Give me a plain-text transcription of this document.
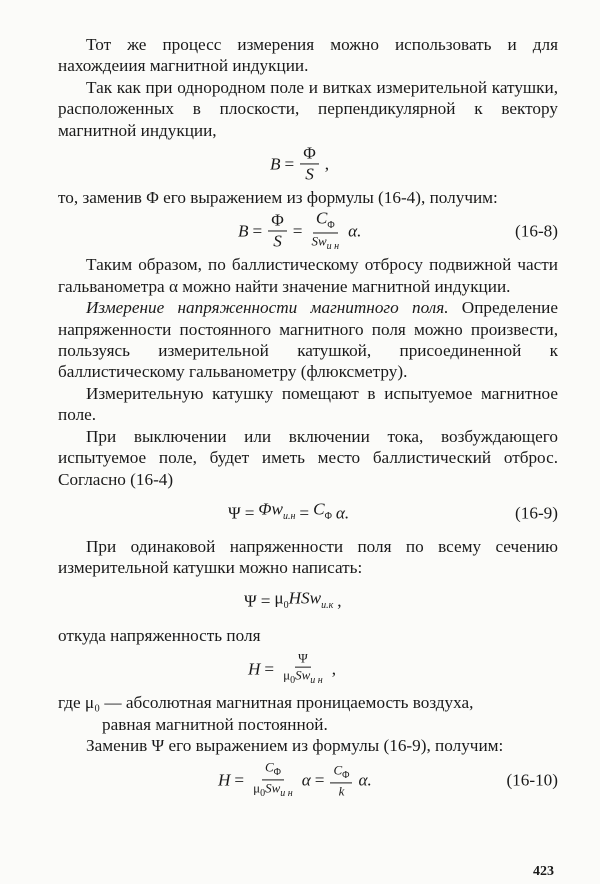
Тот же процесс измерения можно использовать и для нахождеиия магнитной индукции.

Так как при однородном поле и витках измерительной катушки, расположенных в плоскости, перпендикулярной к вектору магнитной индукции,

$B = \frac{\Phi}{S}$ ,

то, заменив Φ его выражением из формулы (16-4), получим:

$B = \frac{\Phi}{S} = \frac{C_\Phi}{Sw_{и н}} \alpha$.	(16-8)

Таким образом, по баллистическому отбросу подвижной части гальванометра α можно найти значение магнитной индукции.

Измерение напряженности магнитного поля. Определение напряженности постоянного магнитного поля можно произвести, пользуясь измерительной катушкой, присоединенной к баллистическому гальванометру (флюксметру).

Измерительную катушку помещают в испытуемое магнитное поле.

При выключении или включении тока, возбуждающего испытуемое поле, будет иметь место баллистический отброс. Согласно (16-4)

$\Psi = \Phi w_{и.н} = C_\Phi$ α.	(16-9)

При одинаковой напряженности поля по всему сечению измерительной катушки можно написать:

$\Psi = \mu_0HSw_{и.к}$ ,

откуда напряженность поля

$H = \frac{\Psi}{\mu_0Sw_{и н}}$ ,

где μ₀ — абсолютная магнитная проницаемость воздуха,
равная магнитной постоянной.

Заменив Ψ его выражением из формулы (16-9), получим:

$H = \frac{C_\Phi}{\mu_0Sw_{и н}}$ $\alpha = \frac{C_\Phi}{k} \alpha$.	(16-10)
423
